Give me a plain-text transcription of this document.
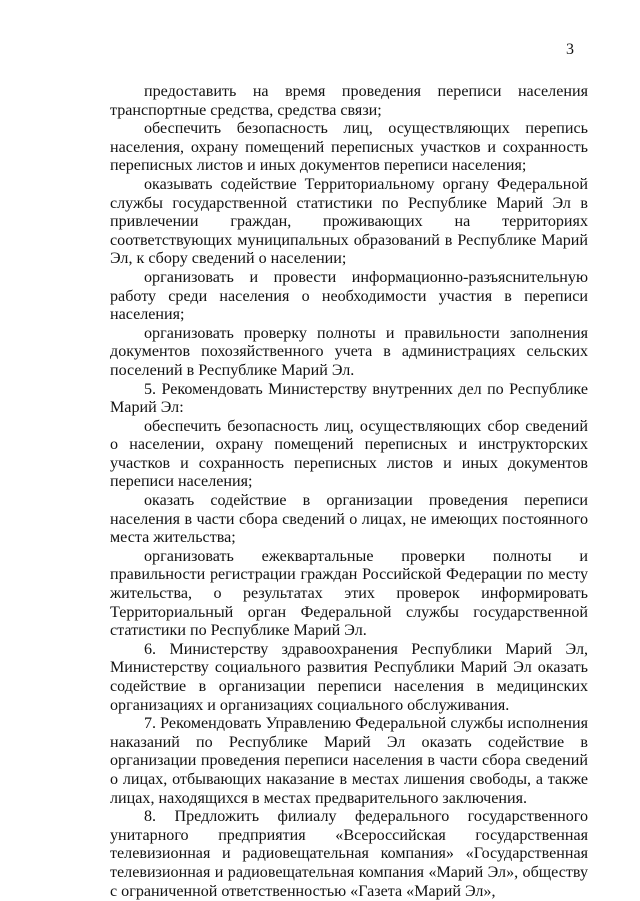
3

предоставить на время проведения переписи населения транспортные средства, средства связи;

обеспечить безопасность лиц, осуществляющих перепись населения, охрану помещений переписных участков и сохранность переписных листов и иных документов переписи населения;

оказывать содействие Территориальному органу Федеральной службы государственной статистики по Республике Марий Эл в привлечении граждан, проживающих на территориях соответствующих муниципальных образований в Республике Марий Эл, к сбору сведений о населении;

организовать и провести информационно-разъяснительную работу среди населения о необходимости участия в переписи населения;

организовать проверку полноты и правильности заполнения документов похозяйственного учета в администрациях сельских поселений в Республике Марий Эл.

5. Рекомендовать Министерству внутренних дел по Республике Марий Эл:

обеспечить безопасность лиц, осуществляющих сбор сведений о населении, охрану помещений переписных и инструкторских участков и сохранность переписных листов и иных документов переписи населения;

оказать содействие в организации проведения переписи населения в части сбора сведений о лицах, не имеющих постоянного места жительства;

организовать ежеквартальные проверки полноты и правильности регистрации граждан Российской Федерации по месту жительства, о результатах этих проверок информировать Территориальный орган Федеральной службы государственной статистики по Республике Марий Эл.

6. Министерству здравоохранения Республики Марий Эл, Министерству социального развития Республики Марий Эл оказать содействие в организации переписи населения в медицинских организациях и организациях социального обслуживания.

7. Рекомендовать Управлению Федеральной службы исполнения наказаний по Республике Марий Эл оказать содействие в организации проведения переписи населения в части сбора сведений о лицах, отбывающих наказание в местах лишения свободы, а также лицах, находящихся в местах предварительного заключения.

8. Предложить филиалу федерального государственного унитарного предприятия «Всероссийская государственная телевизионная и радиовещательная компания» «Государственная телевизионная и радиовещательная компания «Марий Эл», обществу с ограниченной ответственностью «Газета «Марий Эл»,
